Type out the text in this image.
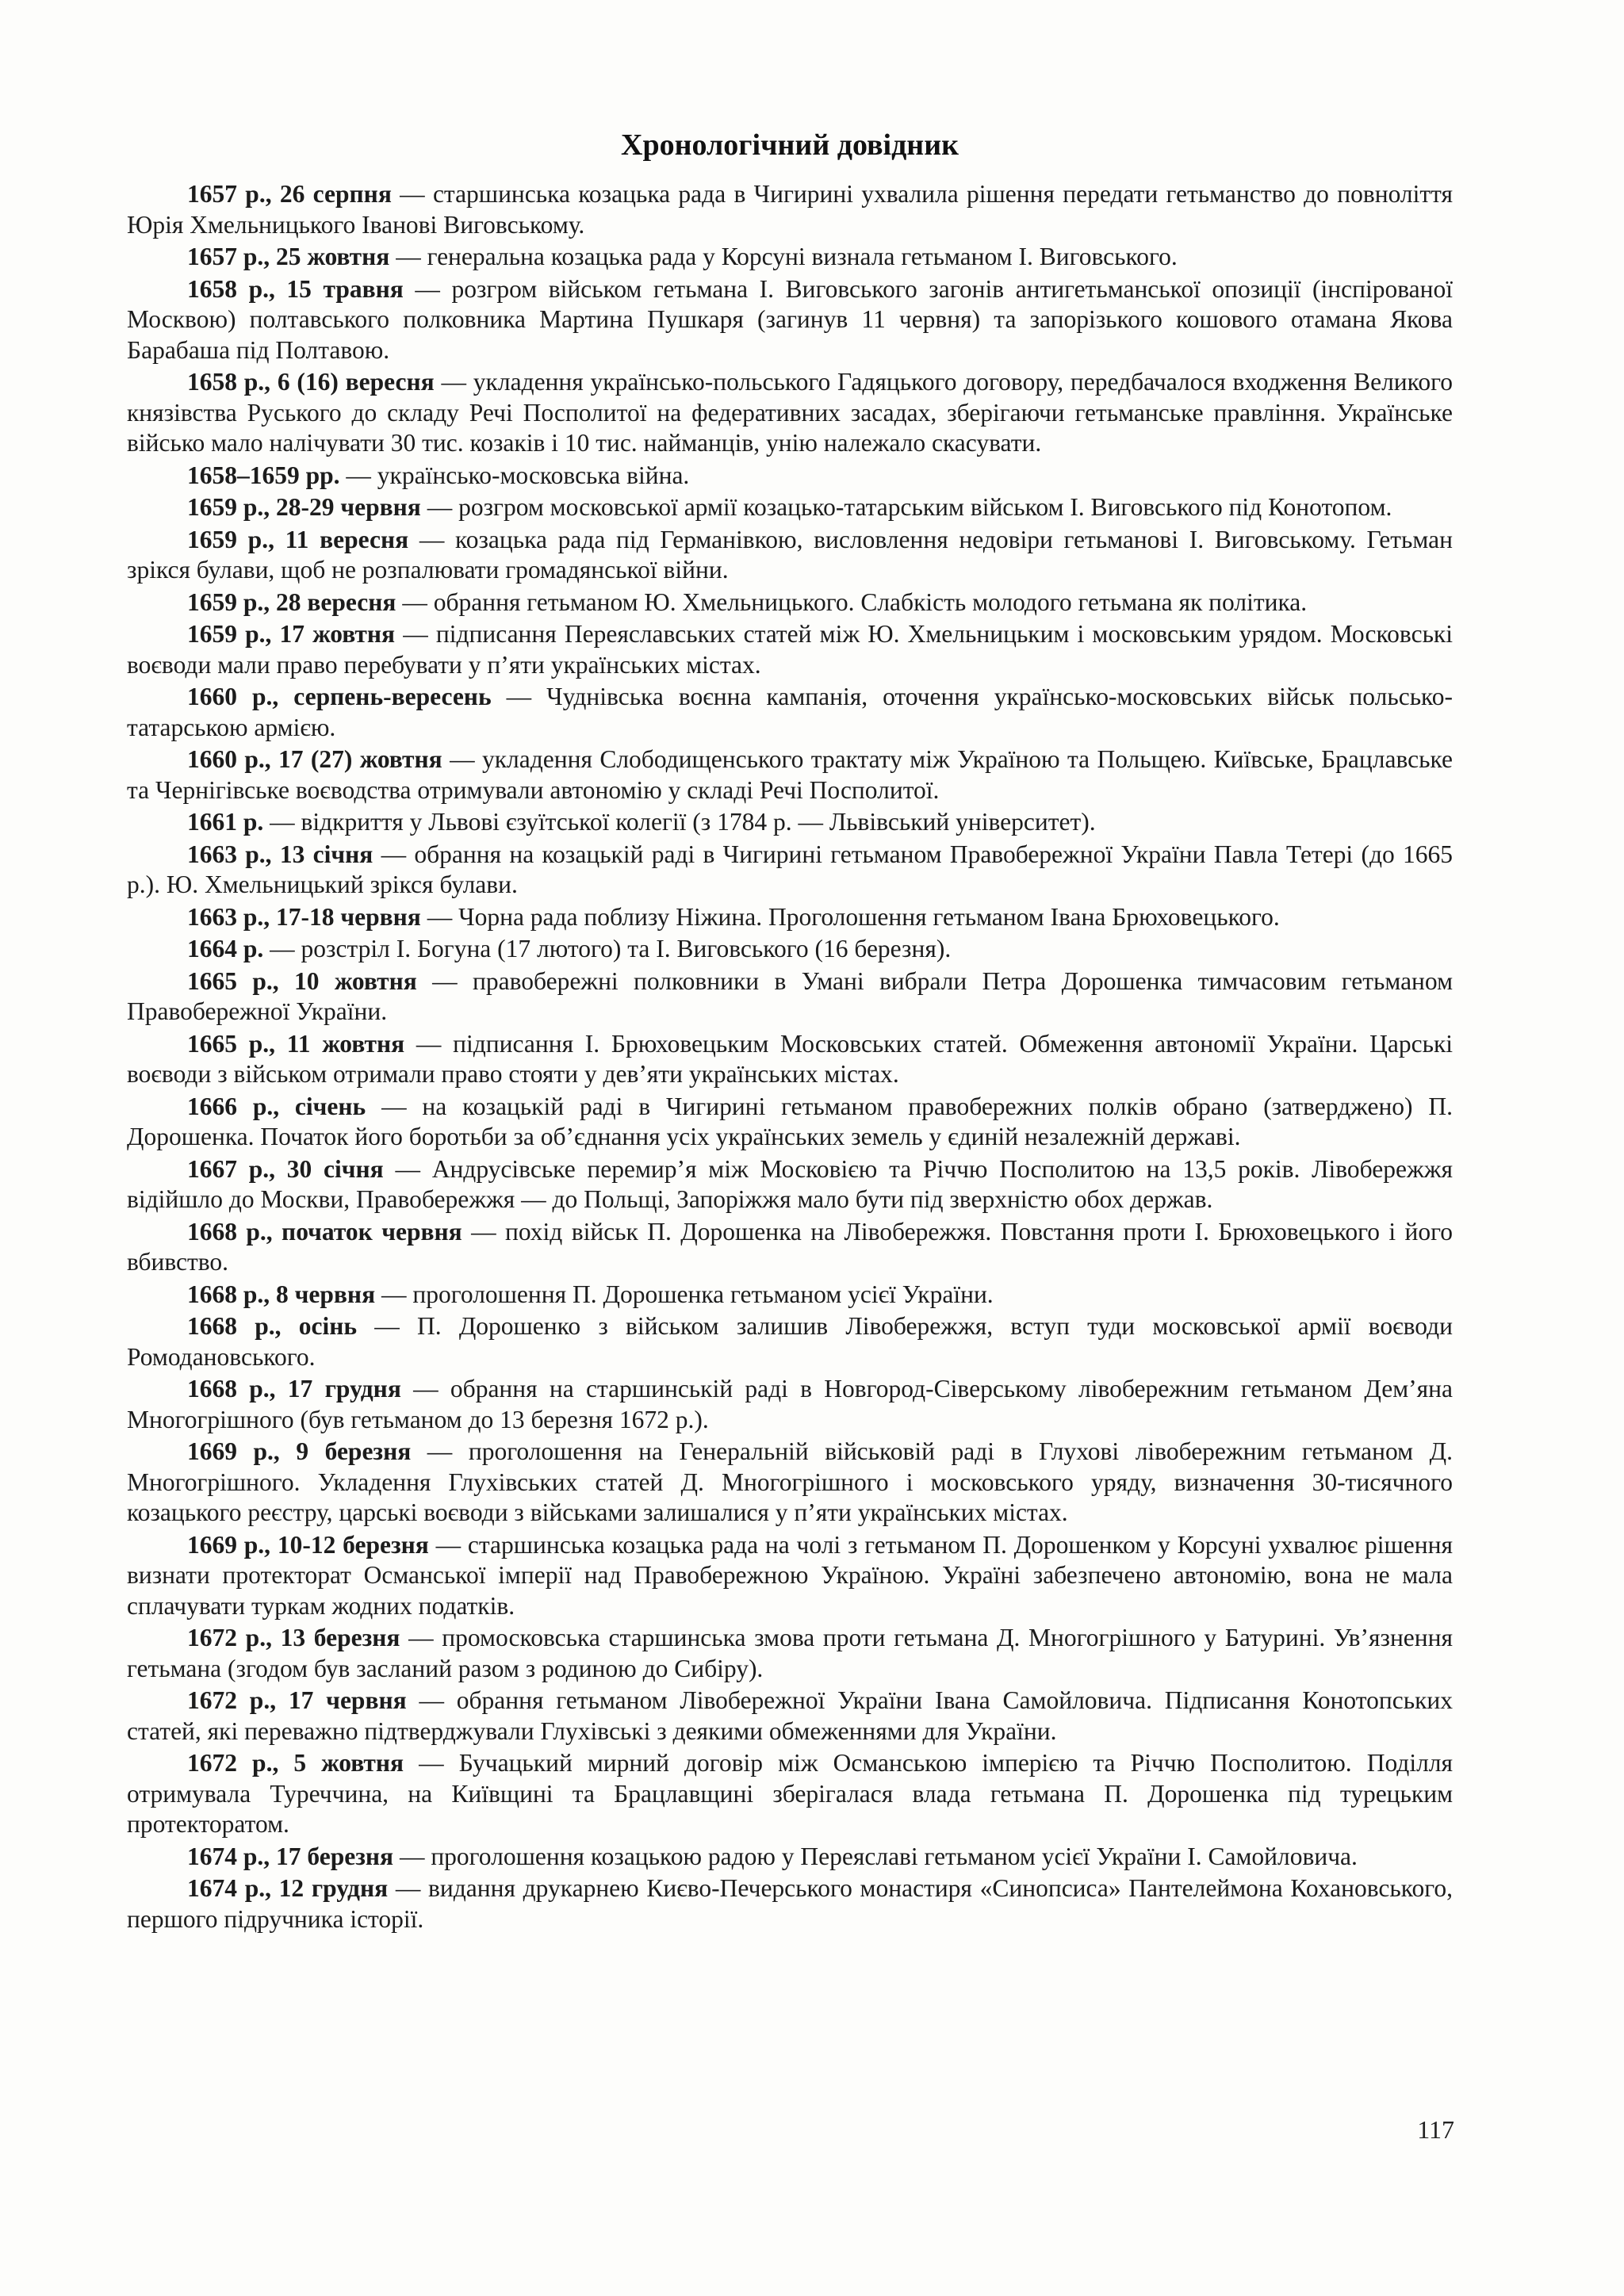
Хронологічний довідник

1657 р., 26 серпня — старшинська козацька рада в Чигирині ухвалила рішення передати гетьманство до повноліття Юрія Хмельницького Іванові Виговському.

1657 р., 25 жовтня — генеральна козацька рада у Корсуні визнала гетьманом І. Виговського.

1658 р., 15 травня — розгром військом гетьмана І. Виговського загонів антигетьманської опозиції (інспірованої Москвою) полтавського полковника Мартина Пушкаря (загинув 11 червня) та запорізького кошового отамана Якова Барабаша під Полтавою.

1658 р., 6 (16) вересня — укладення українсько-польського Гадяцького договору, передбачалося входження Великого князівства Руського до складу Речі Посполитої на федеративних засадах, зберігаючи гетьманське правління. Українське військо мало налічувати 30 тис. козаків і 10 тис. найманців, унію належало скасувати.

1658–1659 рр. — українсько-московська війна.

1659 р., 28-29 червня — розгром московської армії козацько-татарським військом І. Виговського під Конотопом.

1659 р., 11 вересня — козацька рада під Германівкою, висловлення недовіри гетьманові І. Виговському. Гетьман зрікся булави, щоб не розпалювати громадянської війни.

1659 р., 28 вересня — обрання гетьманом Ю. Хмельницького. Слабкість молодого гетьмана як політика.

1659 р., 17 жовтня — підписання Переяславських статей між Ю. Хмельницьким і московським урядом. Московські воєводи мали право перебувати у п’яти українських містах.

1660 р., серпень-вересень — Чуднівська воєнна кампанія, оточення українсько-московських військ польсько-татарською армією.

1660 р., 17 (27) жовтня — укладення Слободищенського трактату між Україною та Польщею. Київське, Брацлавське та Чернігівське воєводства отримували автономію у складі Речі Посполитої.

1661 р. — відкриття у Львові єзуїтської колегії (з 1784 р. — Львівський університет).

1663 р., 13 січня — обрання на козацькій раді в Чигирині гетьманом Правобережної України Павла Тетері (до 1665 р.). Ю. Хмельницький зрікся булави.

1663 р., 17-18 червня — Чорна рада поблизу Ніжина. Проголошення гетьманом Івана Брюховецького.

1664 р. — розстріл І. Богуна (17 лютого) та І. Виговського (16 березня).

1665 р., 10 жовтня — правобережні полковники в Умані вибрали Петра Дорошенка тимчасовим гетьманом Правобережної України.

1665 р., 11 жовтня — підписання І. Брюховецьким Московських статей. Обмеження автономії України. Царські воєводи з військом отримали право стояти у дев’яти українських містах.

1666 р., січень — на козацькій раді в Чигирині гетьманом правобережних полків обрано (затверджено) П. Дорошенка. Початок його боротьби за об’єднання усіх українських земель у єдиній незалежній державі.

1667 р., 30 січня — Андрусівське перемир’я між Московією та Річчю Посполитою на 13,5 років. Лівобережжя відійшло до Москви, Правобережжя — до Польщі, Запоріжжя мало бути під зверхністю обох держав.

1668 р., початок червня — похід військ П. Дорошенка на Лівобережжя. Повстання проти І. Брюховецького і його вбивство.

1668 р., 8 червня — проголошення П. Дорошенка гетьманом усієї України.

1668 р., осінь — П. Дорошенко з військом залишив Лівобережжя, вступ туди московської армії воєводи Ромодановського.

1668 р., 17 грудня — обрання на старшинській раді в Новгород-Сіверському лівобережним гетьманом Дем’яна Многогрішного (був гетьманом до 13 березня 1672 р.).

1669 р., 9 березня — проголошення на Генеральній військовій раді в Глухові лівобережним гетьманом Д. Многогрішного. Укладення Глухівських статей Д. Многогрішного і московського уряду, визначення 30-тисячного козацького реєстру, царські воєводи з військами залишалися у п’яти українських містах.

1669 р., 10-12 березня — старшинська козацька рада на чолі з гетьманом П. Дорошенком у Корсуні ухвалює рішення визнати протекторат Османської імперії над Правобережною Україною. Україні забезпечено автономію, вона не мала сплачувати туркам жодних податків.

1672 р., 13 березня — промосковська старшинська змова проти гетьмана Д. Многогрішного у Батурині. Ув’язнення гетьмана (згодом був засланий разом з родиною до Сибіру).

1672 р., 17 червня — обрання гетьманом Лівобережної України Івана Самойловича. Підписання Конотопських статей, які переважно підтверджували Глухівські з деякими обмеженнями для України.

1672 р., 5 жовтня — Бучацький мирний договір між Османською імперією та Річчю Посполитою. Поділля отримувала Туреччина, на Київщині та Брацлавщині зберігалася влада гетьмана П. Дорошенка під турецьким протекторатом.

1674 р., 17 березня — проголошення козацькою радою у Переяславі гетьманом усієї України І. Самойловича.

1674 р., 12 грудня — видання друкарнею Києво-Печерського монастиря «Синопсиса» Пантелеймона Кохановського, першого підручника історії.

117
